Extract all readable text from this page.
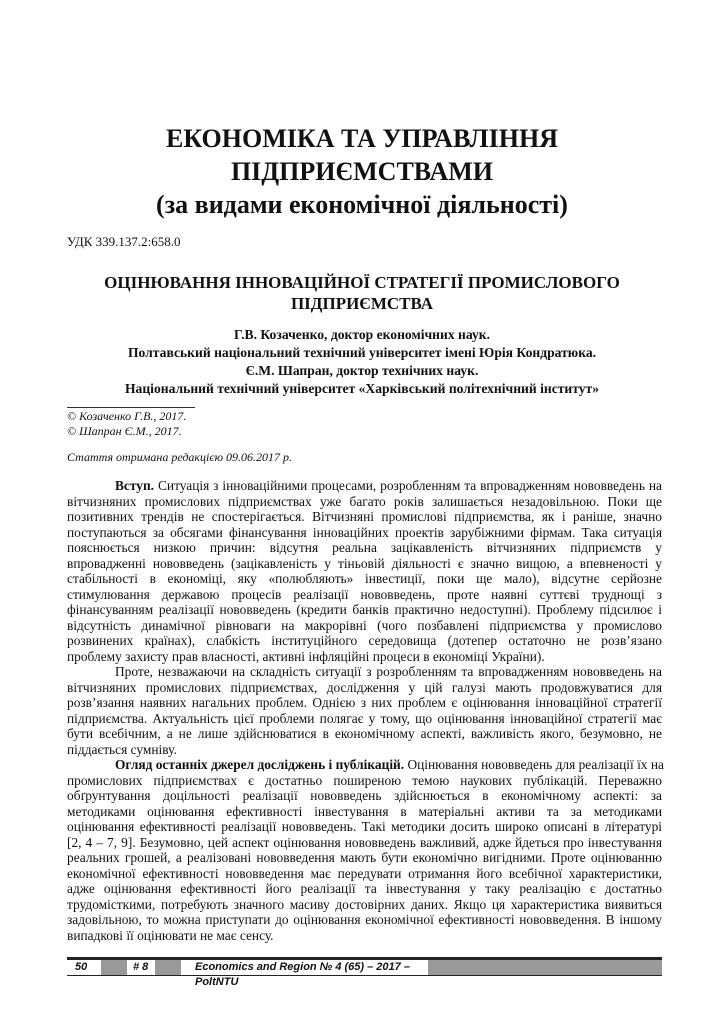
ЕКОНОМІКА ТА УПРАВЛІННЯ
ПІДПРИЄМСТВАМИ
(за видами економічної діяльності)
УДК 339.137.2:658.0
ОЦІНЮВАННЯ ІННОВАЦІЙНОЇ СТРАТЕГІЇ ПРОМИСЛОВОГО
ПІДПРИЄМСТВА
Г.В. Козаченко, доктор економічних наук.
Полтавський національний технічний університет імені Юрія Кондратюка.
Є.М. Шапран, доктор технічних наук.
Національний технічний університет «Харківський політехнічний інститут»
© Козаченко Г.В., 2017.
© Шапран Є.М., 2017.
Стаття отримана редакцією 09.06.2017 р.
Вступ. Ситуація з інноваційними процесами, розробленням та впровадженням нововведень на
вітчизняних промислових підприємствах уже багато років залишається незадовільною. Поки ще
позитивних трендів не спостерігається. Вітчизняні промислові підприємства, як і раніше, значно
поступаються за обсягами фінансування інноваційних проектів зарубіжними фірмам. Така ситуація
пояснюється низкою причин: відсутня реальна зацікавленість вітчизняних підприємств у
впровадженні нововведень (зацікавленість у тіньовій діяльності є значно вищою, а впевненості у
стабільності в економіці, яку «полюбляють» інвестиції, поки ще мало), відсутнє серйозне
стимулювання державою процесів реалізації нововведень, проте наявні суттєві труднощі з
фінансуванням реалізації нововведень (кредити банків практично недоступні). Проблему підсилює і
відсутність динамічної рівноваги на макрорівні (чого позбавлені підприємства у промислово
розвинених країнах), слабкість інституційного середовища (дотепер остаточно не розв’язано
проблему захисту прав власності, активні інфляційні процеси в економіці України).
Проте, незважаючи на складність ситуації з розробленням та впровадженням нововведень на
вітчизняних промислових підприємствах, дослідження у цій галузі мають продовжуватися для
розв’язання наявних нагальних проблем. Однією з них проблем є оцінювання інноваційної стратегії
підприємства. Актуальність цієї проблеми полягає у тому, що оцінювання інноваційної стратегії має
бути всебічним, а не лише здійснюватися в економічному аспекті, важливість якого, безумовно, не
піддається сумніву.
Огляд останніх джерел досліджень і публікацій. Оцінювання нововведень для реалізації їх на
промислових підприємствах є достатньо поширеною темою наукових публікацій. Переважно
обґрунтування доцільності реалізації нововведень здійснюється в економічному аспекті: за
методиками оцінювання ефективності інвестування в матеріальні активи та за методиками
оцінювання ефективності реалізації нововведень. Такі методики досить широко описані в літературі
[2, 4 – 7, 9]. Безумовно, цей аспект оцінювання нововведень важливий, адже йдеться про інвестування
реальних грошей, а реалізовані нововведення мають бути економічно вигідними. Проте оцінюванню
економічної ефективності нововведення має передувати отримання його всебічної характеристики,
адже оцінювання ефективності його реалізації та інвестування у таку реалізацію є достатньо
трудомісткими, потребують значного масиву достовірних даних. Якщо ця характеристика виявиться
задовільною, то можна приступати до оцінювання економічної ефективності нововведення. В іншому
випадкові її оцінювати не має сенсу.
50	# 8	Economics and Region № 4 (65) – 2017 – PoltNTU
